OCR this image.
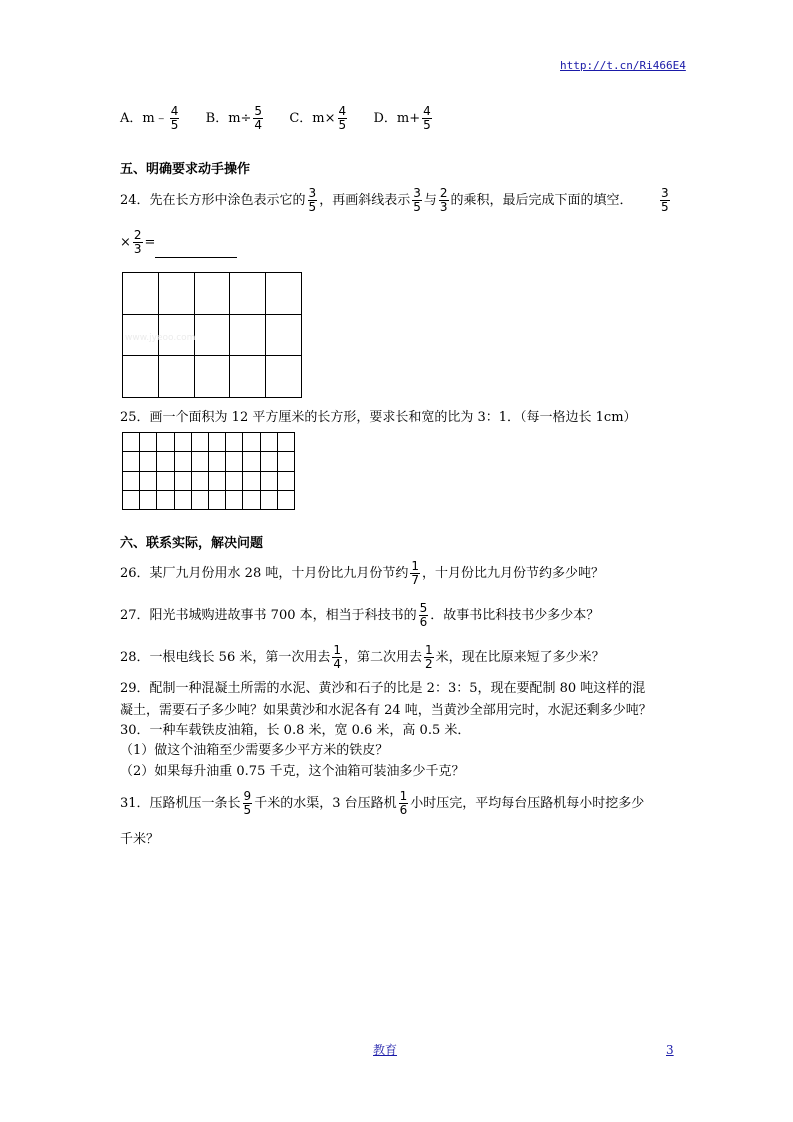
http://t.cn/Ri466E4
A．m﹣ $\frac{4}{5}$ B．$m\div \frac{5}{4}$ C．$m\times \frac{4}{5}$ D．$m+ \frac{4}{5}$
五、明确要求动手操作
24．先在长方形中涂色表示它的 $\frac{3}{5}$ ，再画斜线表示 $\frac{3}{5}$ 与 $\frac{2}{3}$ 的乘积，最后完成下面的填空． $\frac{3}{5}$
× $\frac{2}{3}$ =

www.jyeoo.com				

25．画一个面积为 12 平方厘米的长方形，要求长和宽的比为 3：1．（每一格边长 1cm）

六、联系实际，解决问题
26．某厂九月份用水 28 吨，十月份比九月份节约 $\frac{1}{7}$ ，十月份比九月份节约多少吨？
27．阳光书城购进故事书 700 本，相当于科技书的 $\frac{5}{6}$ ．故事书比科技书少多少本？
28．一根电线长 56 米，第一次用去 $\frac{1}{4}$ ，第二次用去 $\frac{1}{2}$ 米，现在比原来短了多少米？
29．配制一种混凝土所需的水泥、黄沙和石子的比是 2：3：5，现在要配制 80 吨这样的混
凝土，需要石子多少吨？如果黄沙和水泥各有 24 吨，当黄沙全部用完时，水泥还剩多少吨？
30．一种车载铁皮油箱，长 0.8 米，宽 0.6 米，高 0.5 米．
（1）做这个油箱至少需要多少平方米的铁皮？
（2）如果每升油重 0.75 千克，这个油箱可装油多少千克？
31．压路机压一条长 $\frac{9}{5}$ 千米的水渠，3 台压路机 $\frac{1}{6}$ 小时压完，平均每台压路机每小时挖多少
千米？
教育	3
